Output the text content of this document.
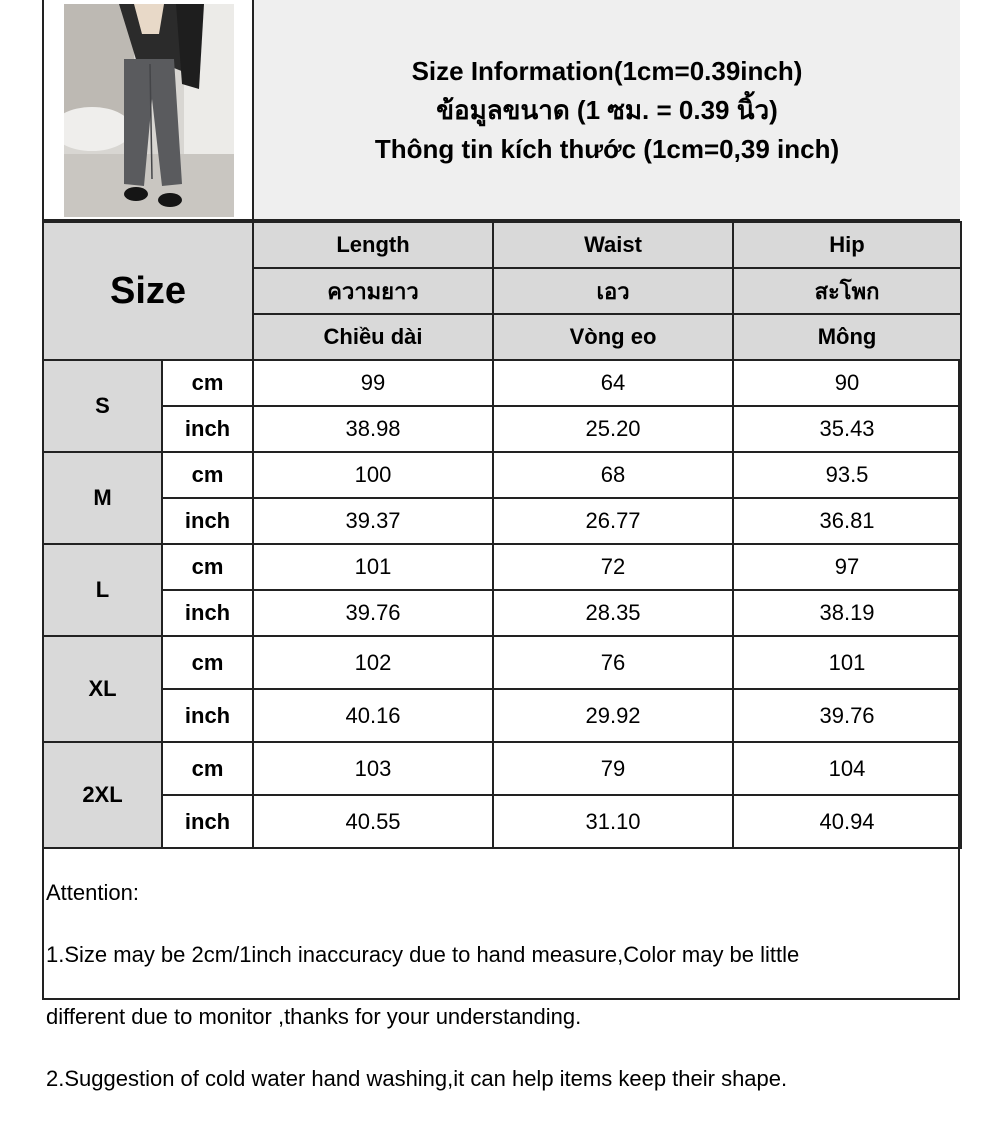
Size Information(1cm=0.39inch)
ข้อมูลขนาด (1 ซม. = 0.39 นิ้ว)
Thông tin kích thước (1cm=0,39 inch)
Size		Length	Waist	Hip
		ความยาว	เอว	สะโพก
		Chiều dài	Vòng eo	Mông
S	cm	99	64	90
	inch	38.98	25.20	35.43
M	cm	100	68	93.5
	inch	39.37	26.77	36.81
L	cm	101	72	97
	inch	39.76	28.35	38.19
XL	cm	102	76	101
	inch	40.16	29.92	39.76
2XL	cm	103	79	104
	inch	40.55	31.10	40.94

Attention:

1.Size may be 2cm/1inch inaccuracy due to hand measure,Color may be little

different due to monitor ,thanks for your understanding.

2.Suggestion of cold water hand washing,it can help items keep their shape.
